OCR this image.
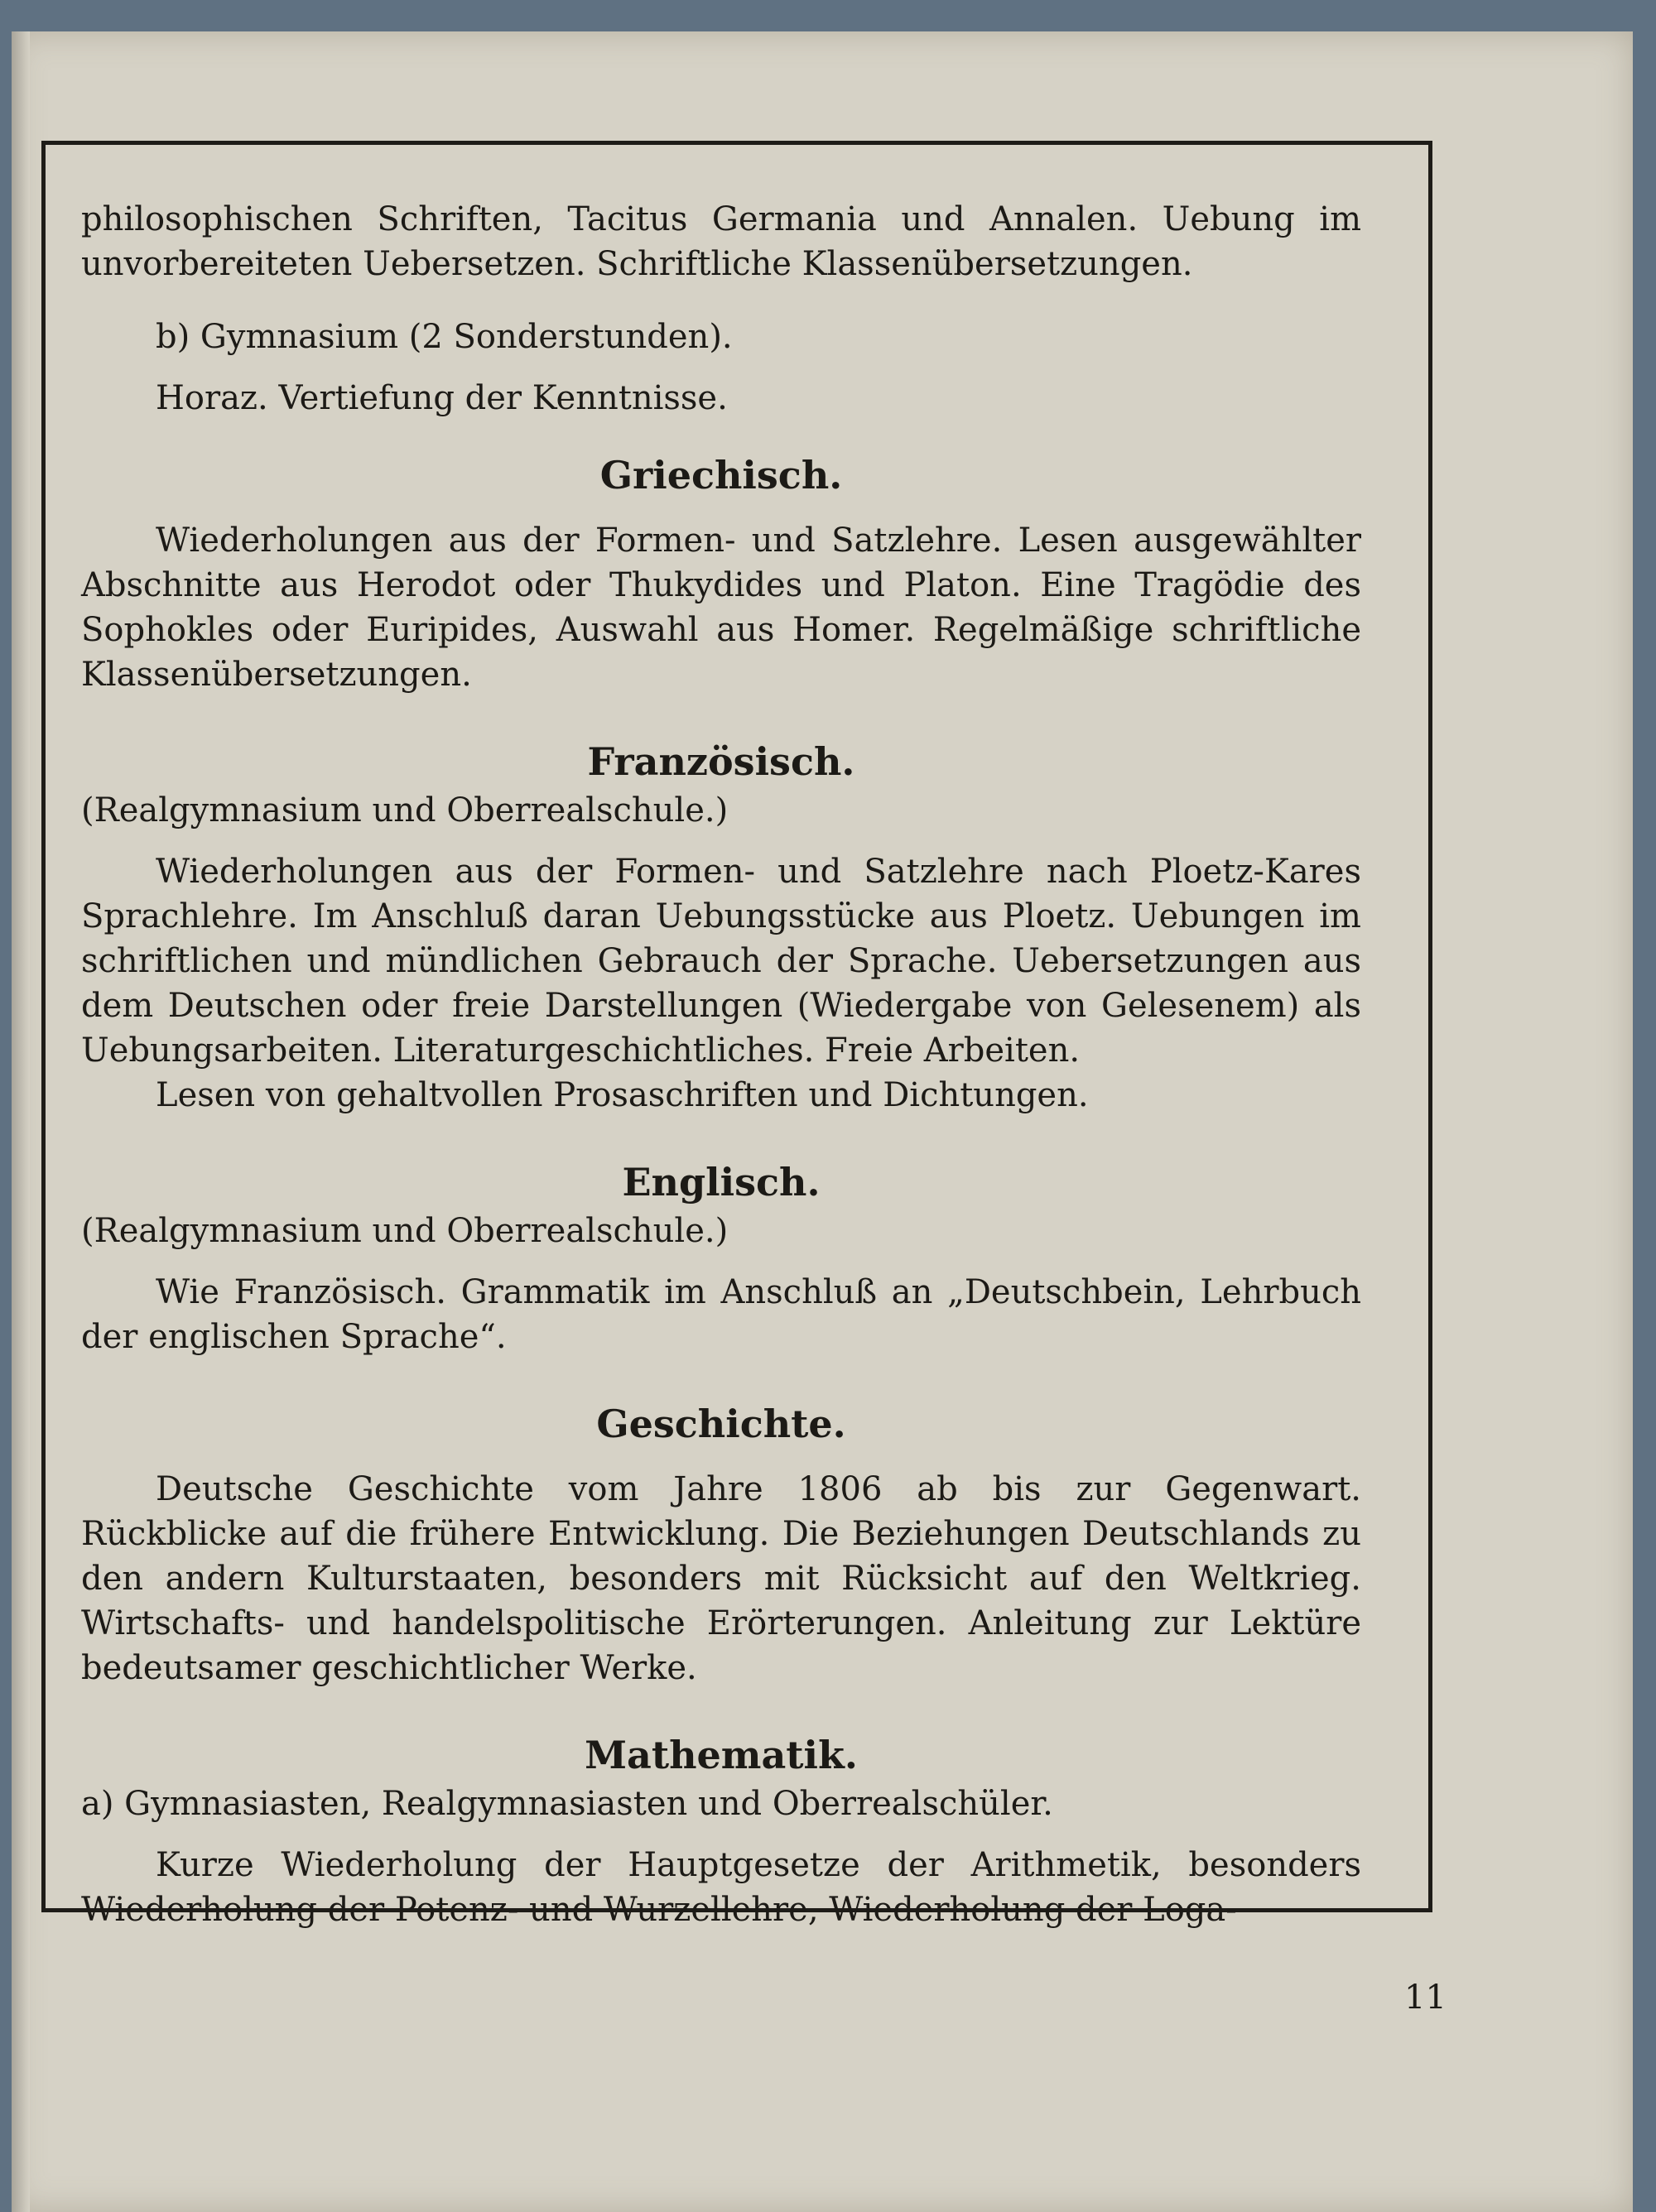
philosophischen Schriften, Tacitus Germania und Annalen. Uebung im unvorbereiteten Uebersetzen. Schriftliche Klassenübersetzungen.

b) Gymnasium (2 Sonderstunden).

Horaz. Vertiefung der Kenntnisse.

Griechisch.

Wiederholungen aus der Formen- und Satzlehre. Lesen ausgewählter Abschnitte aus Herodot oder Thukydides und Platon. Eine Tragödie des Sophokles oder Euripides, Auswahl aus Homer. Regelmäßige schriftliche Klassenübersetzungen.

Französisch.

(Realgymnasium und Oberrealschule.)

Wiederholungen aus der Formen- und Satzlehre nach Ploetz-Kares Sprachlehre. Im Anschluß daran Uebungsstücke aus Ploetz. Uebungen im schriftlichen und mündlichen Gebrauch der Sprache. Uebersetzungen aus dem Deutschen oder freie Darstellungen (Wiedergabe von Gelesenem) als Uebungsarbeiten. Literaturgeschichtliches. Freie Arbeiten.

Lesen von gehaltvollen Prosaschriften und Dichtungen.

Englisch.

(Realgymnasium und Oberrealschule.)

Wie Französisch. Grammatik im Anschluß an „Deutschbein, Lehrbuch der englischen Sprache“.

Geschichte.

Deutsche Geschichte vom Jahre 1806 ab bis zur Gegenwart. Rückblicke auf die frühere Entwicklung. Die Beziehungen Deutschlands zu den andern Kulturstaaten, besonders mit Rücksicht auf den Weltkrieg. Wirtschafts- und handelspolitische Erörterungen. Anleitung zur Lektüre bedeutsamer geschichtlicher Werke.

Mathematik.

a) Gymnasiasten, Realgymnasiasten und Oberrealschüler.

Kurze Wiederholung der Hauptgesetze der Arithmetik, besonders Wiederholung der Potenz- und Wurzellehre, Wiederholung der Loga-

11
